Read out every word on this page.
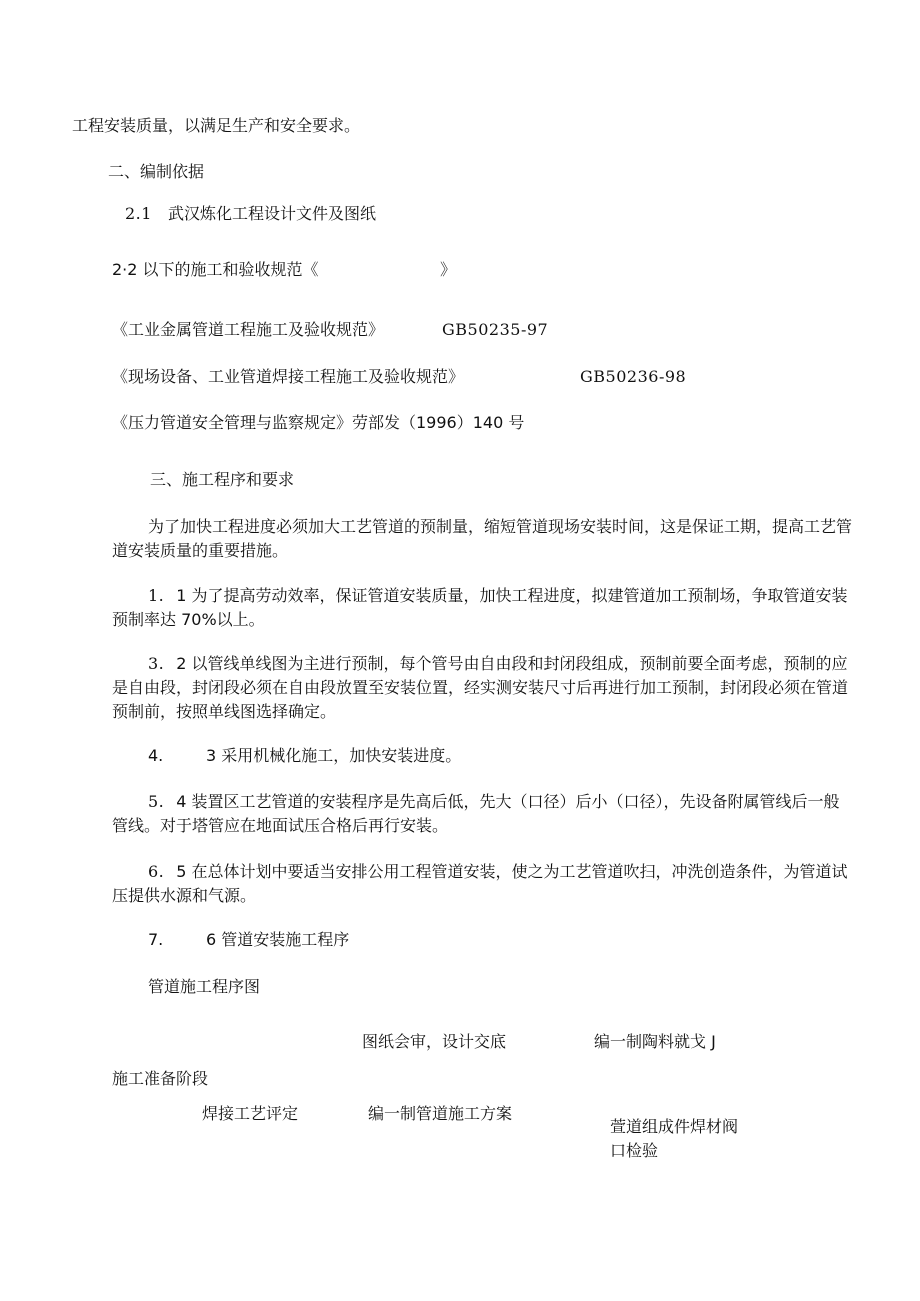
工程安装质量，以满足生产和安全要求。
二、编制依据
2.1 武汉炼化工程设计文件及图纸
2·2 以下的施工和验收规范《	》
《工业金属管道工程施工及验收规范》	GB50235-97
《现场设备、工业管道焊接工程施工及验收规范》	GB50236-98
《压力管道安全管理与监察规定》劳部发（1996）140 号
三、施工程序和要求
为了加快工程进度必须加大工艺管道的预制量，缩短管道现场安装时间，这是保证工期，提高工艺管道安装质量的重要措施。
1. 1 为了提高劳动效率，保证管道安装质量，加快工程进度，拟建管道加工预制场，争取管道安装预制率达 70%以上。
3. 2 以管线单线图为主进行预制，每个管号由自由段和封闭段组成，预制前要全面考虑，预制的应是自由段，封闭段必须在自由段放置至安装位置，经实测安装尺寸后再进行加工预制，封闭段必须在管道预制前，按照单线图选择确定。
4.	3 采用机械化施工，加快安装进度。
5. 4 装置区工艺管道的安装程序是先高后低，先大（口径）后小（口径），先设备附属管线后一般管线。对于塔管应在地面试压合格后再行安装。
6. 5 在总体计划中要适当安排公用工程管道安装，使之为工艺管道吹扫，冲洗创造条件，为管道试压提供水源和气源。
7.	6 管道安装施工程序
管道施工程序图
图纸会审，设计交底	编一制陶料就戈 J
施工准备阶段
焊接工艺评定	编一制管道施工方案
萱道组成件焊材阀
口检验
